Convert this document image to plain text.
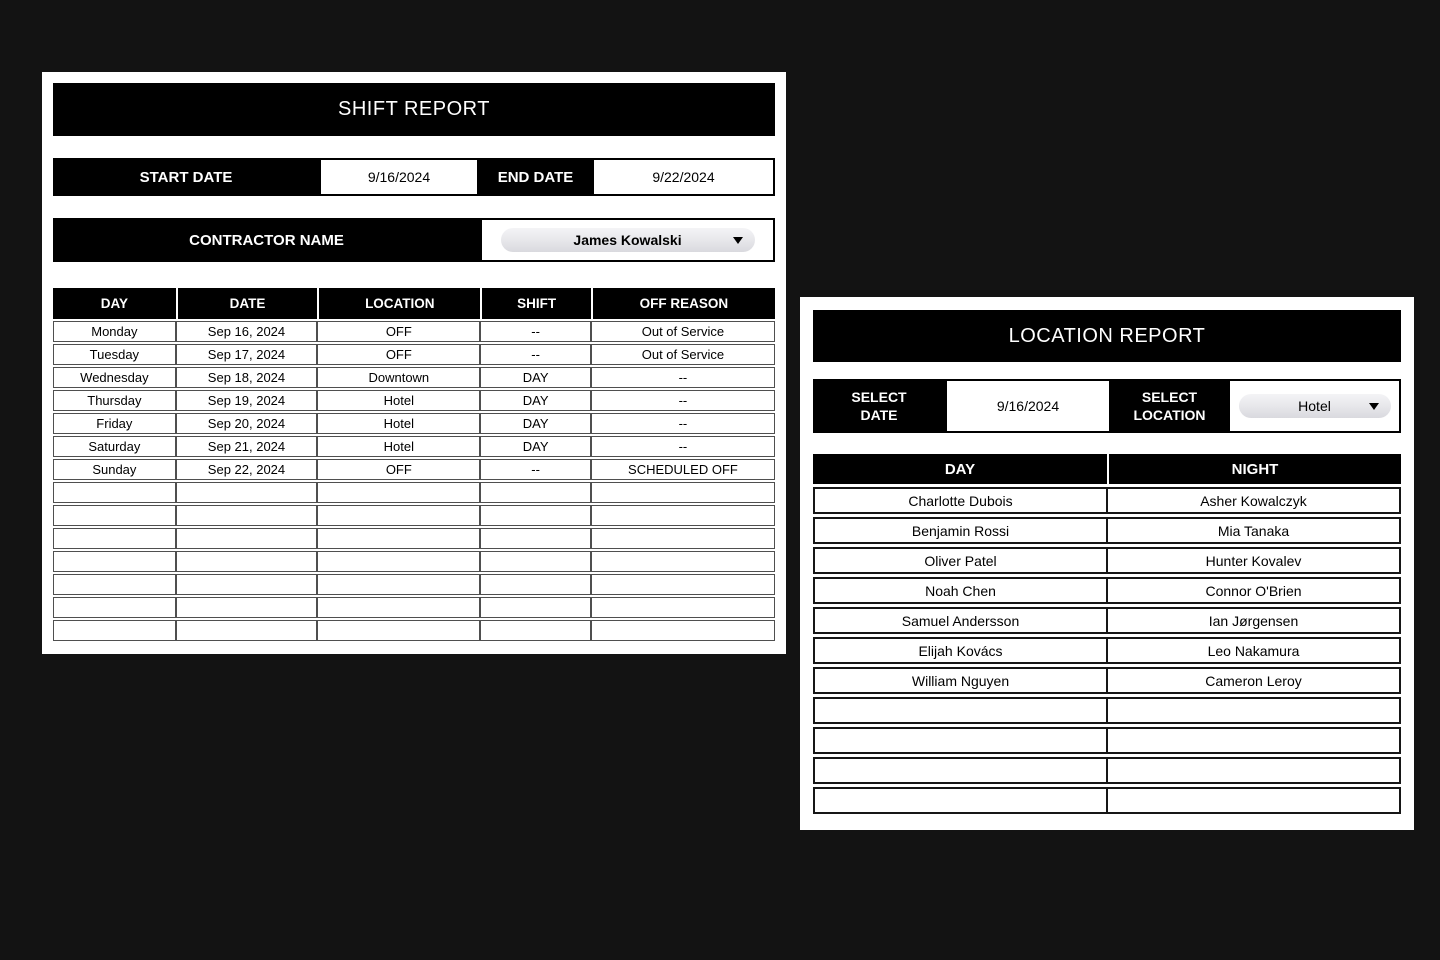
SHIFT REPORT
START DATE	9/16/2024	END DATE	9/22/2024
CONTRACTOR NAME	James Kowalski
DAY	DATE	LOCATION	SHIFT	OFF REASON
Monday	Sep 16, 2024	OFF	--	Out of Service
Tuesday	Sep 17, 2024	OFF	--	Out of Service
Wednesday	Sep 18, 2024	Downtown	DAY	--
Thursday	Sep 19, 2024	Hotel	DAY	--
Friday	Sep 20, 2024	Hotel	DAY	--
Saturday	Sep 21, 2024	Hotel	DAY	--
Sunday	Sep 22, 2024	OFF	--	SCHEDULED OFF

LOCATION REPORT
SELECT DATE
9/16/2024
SELECT LOCATION
Hotel
DAY	NIGHT
Charlotte Dubois	Asher Kowalczyk
Benjamin Rossi	Mia Tanaka
Oliver Patel	Hunter Kovalev
Noah Chen	Connor O'Brien
Samuel Andersson	Ian Jørgensen
Elijah Kovács	Leo Nakamura
William Nguyen	Cameron Leroy
